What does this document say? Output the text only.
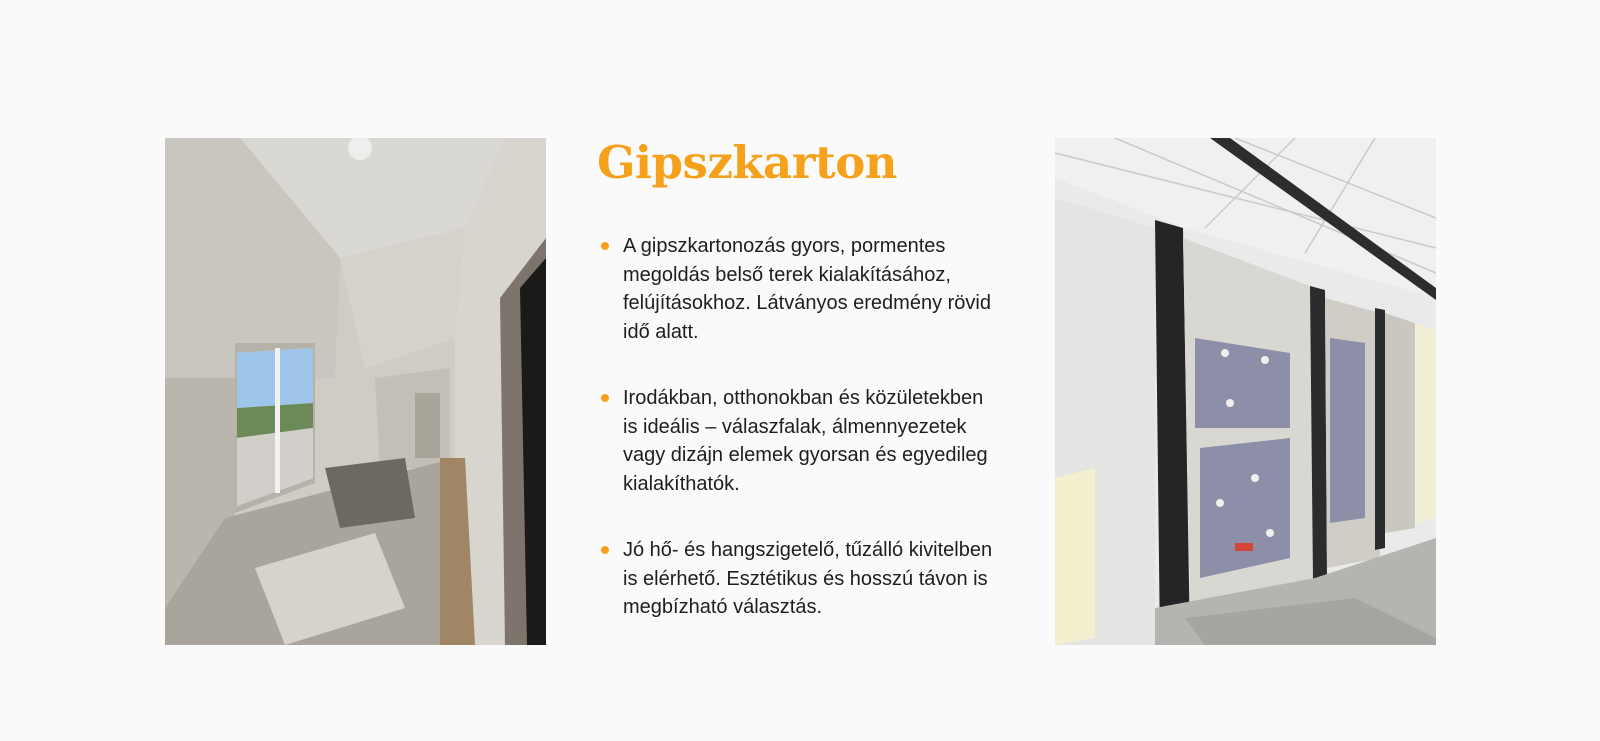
Gipszkarton
A gipszkartonozás gyors, pormentes megoldás belső terek kialakításához, felújításokhoz. Látványos eredmény rövid idő alatt.
Irodákban, otthonokban és közületekben is ideális – válaszfalak, álmennyezetek vagy dizájn elemek gyorsan és egyedileg kialakíthatók.
Jó hő- és hangszigetelő, tűzálló kivitelben is elérhető. Esztétikus és hosszú távon is megbízható választás.
